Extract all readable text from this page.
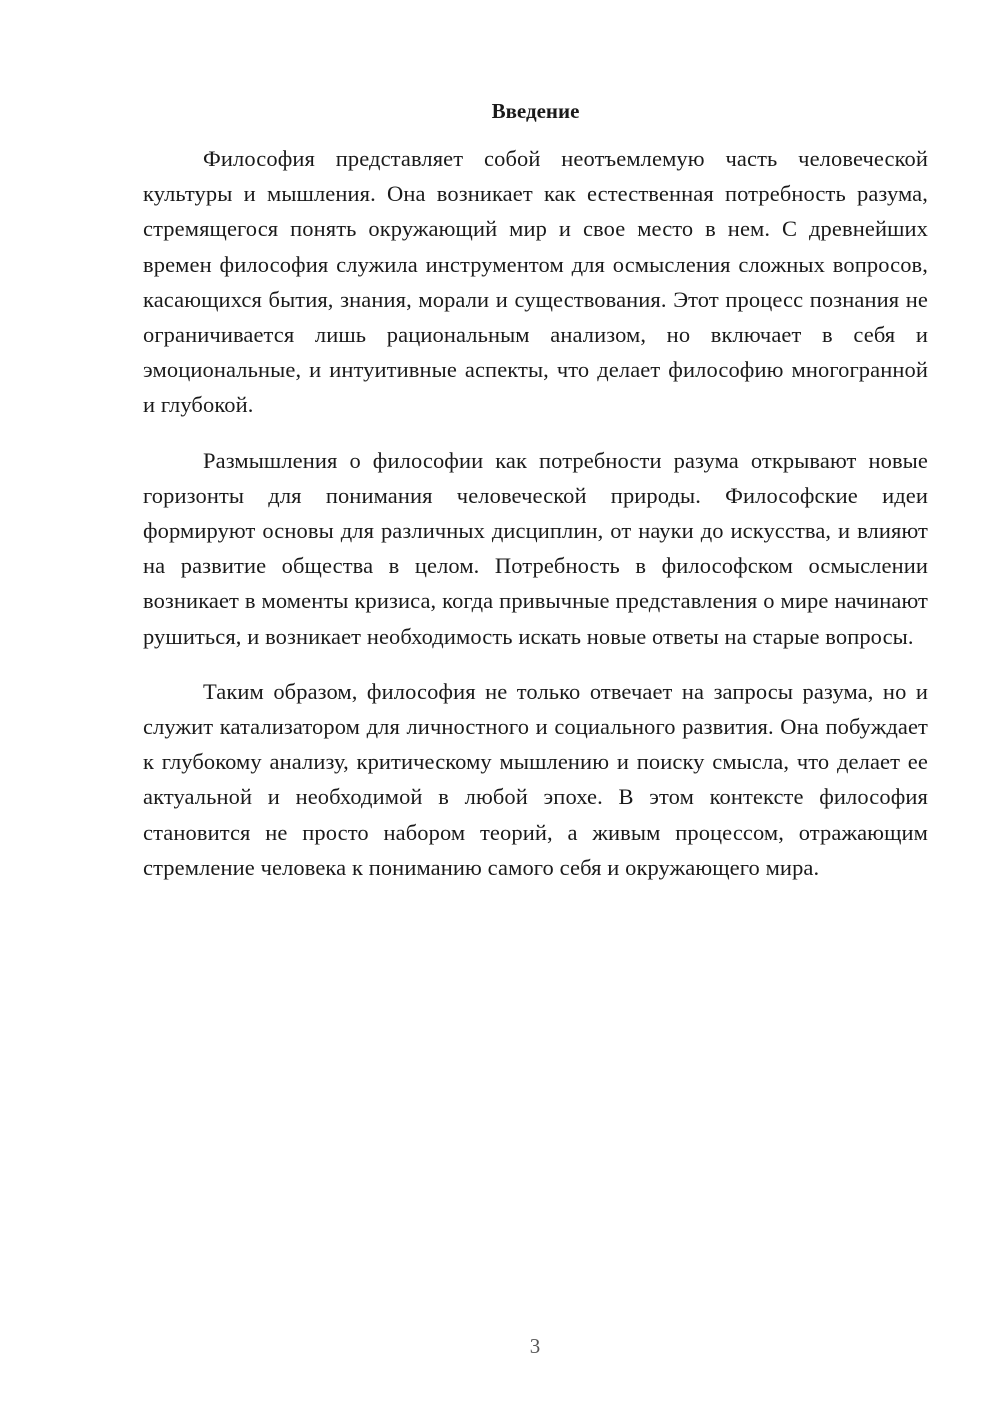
Введение

Философия представляет собой неотъемлемую часть человеческой культуры и мышления. Она возникает как естественная потребность разума, стремящегося понять окружающий мир и свое место в нем. С древнейших времен философия служила инструментом для осмысления сложных вопросов, касающихся бытия, знания, морали и существования. Этот процесс познания не ограничивается лишь рациональным анализом, но включает в себя и эмоциональные, и интуитивные аспекты, что делает философию многогранной и глубокой.

Размышления о философии как потребности разума открывают новые горизонты для понимания человеческой природы. Философские идеи формируют основы для различных дисциплин, от науки до искусства, и влияют на развитие общества в целом. Потребность в философском осмыслении возникает в моменты кризиса, когда привычные представления о мире начинают рушиться, и возникает необходимость искать новые ответы на старые вопросы.

Таким образом, философия не только отвечает на запросы разума, но и служит катализатором для личностного и социального развития. Она побуждает к глубокому анализу, критическому мышлению и поиску смысла, что делает ее актуальной и необходимой в любой эпохе. В этом контексте философия становится не просто набором теорий, а живым процессом, отражающим стремление человека к пониманию самого себя и окружающего мира.

3
